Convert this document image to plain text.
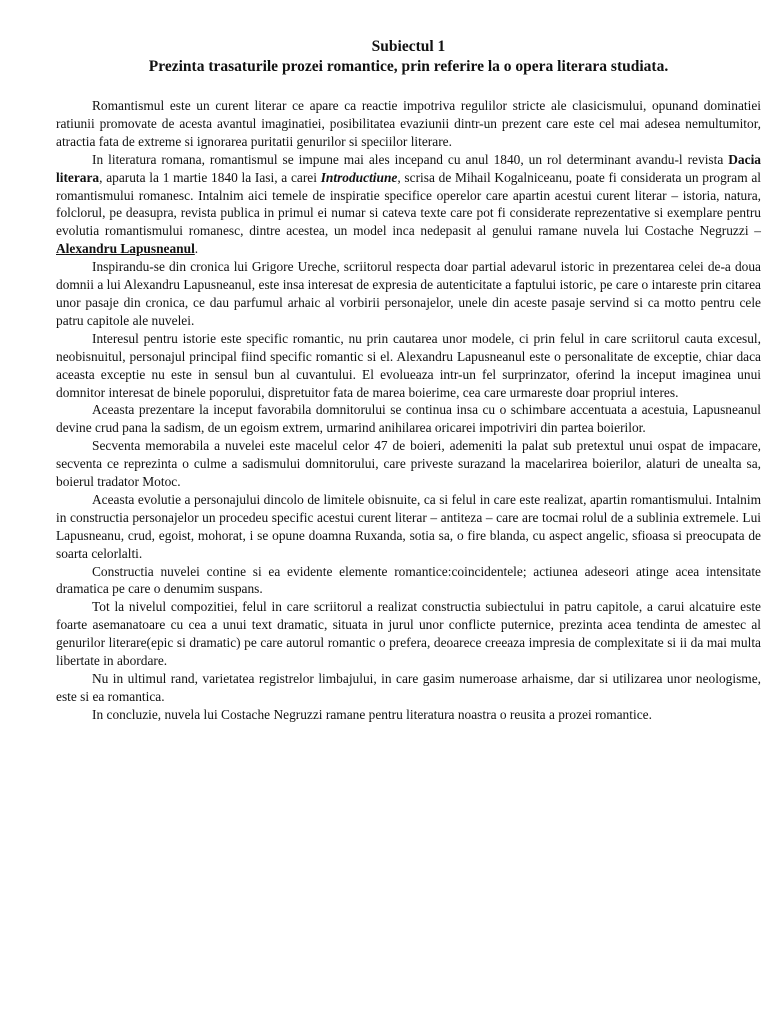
Subiectul 1
Prezinta trasaturile prozei romantice, prin referire la o opera literara studiata.

Romantismul este un curent literar ce apare ca reactie impotriva regulilor stricte ale clasicismului, opunand dominatiei ratiunii promovate de acesta avantul imaginatiei, posibilitatea evaziunii dintr-un prezent care este cel mai adesea nemultumitor, atractia fata de extreme si ignorarea puritatii genurilor si speciilor literare.

In literatura romana, romantismul se impune mai ales incepand cu anul 1840, un rol determinant avandu-l revista Dacia literara, aparuta la 1 martie 1840 la Iasi, a carei Introductiune, scrisa de Mihail Kogalniceanu, poate fi considerata un program al romantismului romanesc. Intalnim aici temele de inspiratie specifice operelor care apartin acestui curent literar – istoria, natura, folclorul, pe deasupra, revista publica in primul ei numar si cateva texte care pot fi considerate reprezentative si exemplare pentru evolutia romantismului romanesc, dintre acestea, un model inca nedepasit al genului ramane nuvela lui Costache Negruzzi – Alexandru Lapusneanul.

Inspirandu-se din cronica lui Grigore Ureche, scriitorul respecta doar partial adevarul istoric in prezentarea celei de-a doua domnii a lui Alexandru Lapusneanul, este insa interesat de expresia de autenticitate a faptului istoric, pe care o intareste prin citarea unor pasaje din cronica, ce dau parfumul arhaic al vorbirii personajelor, unele din aceste pasaje servind si ca motto pentru cele patru capitole ale nuvelei.

Interesul pentru istorie este specific romantic, nu prin cautarea unor modele, ci prin felul in care scriitorul cauta excesul, neobisnuitul, personajul principal fiind specific romantic si el. Alexandru Lapusneanul este o personalitate de exceptie, chiar daca aceasta exceptie nu este in sensul bun al cuvantului. El evolueaza intr-un fel surprinzator, oferind la inceput imaginea unui domnitor interesat de binele poporului, dispretuitor fata de marea boierime, cea care urmareste doar propriul interes.

Aceasta prezentare la inceput favorabila domnitorului se continua insa cu o schimbare accentuata a acestuia, Lapusneanul devine crud pana la sadism, de un egoism extrem, urmarind anihilarea oricarei impotriviri din partea boierilor.

Secventa memorabila a nuvelei este macelul celor 47 de boieri, ademeniti la palat sub pretextul unui ospat de impacare, secventa ce reprezinta o culme a sadismului domnitorului, care priveste surazand la macelarirea boierilor, alaturi de unealta sa, boierul tradator Motoc.

Aceasta evolutie a personajului dincolo de limitele obisnuite, ca si felul in care este realizat, apartin romantismului. Intalnim in constructia personajelor un procedeu specific acestui curent literar – antiteza – care are tocmai rolul de a sublinia extremele. Lui Lapusneanu, crud, egoist, mohorat, i se opune doamna Ruxanda, sotia sa, o fire blanda, cu aspect angelic, sfioasa si preocupata de soarta celorlalti.

Constructia nuvelei contine si ea evidente elemente romantice:coincidentele; actiunea adeseori atinge acea intensitate dramatica pe care o denumim suspans.

Tot la nivelul compozitiei, felul in care scriitorul a realizat constructia subiectului in patru capitole, a carui alcatuire este foarte asemanatoare cu cea a unui text dramatic, situata in jurul unor conflicte puternice, prezinta acea tendinta de amestec al genurilor literare(epic si dramatic) pe care autorul romantic o prefera, deoarece creeaza impresia de complexitate si ii da mai multa libertate in abordare.

Nu in ultimul rand, varietatea registrelor limbajului, in care gasim numeroase arhaisme, dar si utilizarea unor neologisme, este si ea romantica.

In concluzie, nuvela lui Costache Negruzzi ramane pentru literatura noastra o reusita a prozei romantice.
